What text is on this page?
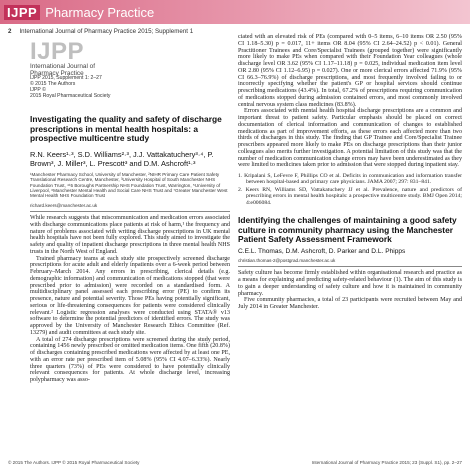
IJPP Pharmacy Practice
2 International Journal of Pharmacy Practice 2015; Supplement 1
IJPP
International Journal of
Pharmacy Practice
IJPP 2015, Supplement 1: 2–27
© 2015 The Authors
IJPP ©
2015 Royal Pharmaceutical Society
Investigating the quality and safety of discharge prescriptions in mental health hospitals: a prospective multicentre study
R.N. Keers¹·³, S.D. Williams²·³, J.J. Vattakatuchery³·⁴, P. Brown³, J. Miller³, L. Prescott³ and D.M. Ashcroft¹·³
¹Manchester Pharmacy School, University of Manchester, ²NIHR Primary Care Patient Safety Translational Research Centre, Manchester, ³University Hospital of South Manchester NHS Foundation Trust, ⁴¹5 Boroughs Partnership NHS Foundation Trust, Warrington, ⁵University of Liverpool, ⁶Manchester Mental Health and Social Care NHS Trust and ⁷Greater Manchester West Mental Health NHS Foundation Trust
richard.keers@manchester.ac.uk

While research suggests that miscommunication and medication errors associated with discharge communications place patients at risk of harm,¹ the frequency and nature of problems associated with writing discharge prescriptions in UK mental health hospitals have not been fully explored. This study aimed to investigate the safety and quality of inpatient discharge prescriptions in three mental health NHS trusts in the North West of England.

Trained pharmacy teams at each study site prospectively screened discharge prescriptions for acute adult and elderly inpatients over a 6-week period between February–March 2014. Any errors in prescribing, clerical details (e.g. demographic information) and communication of medications stopped (that were prescribed prior to admission) were recorded on a standardised form. A multidisciplinary panel assessed each prescribing error (PE) to confirm its presence, nature and potential severity. Those PEs having potentially significant, serious or life-threatening consequences for patients were considered clinically relevant.² Logistic regression analyses were conducted using STATA® v13 software to determine the potential predictors of identified errors. The study was approved by the University of Manchester Research Ethics Committee (Ref. 13279) and audit committees at each study site.

A total of 274 discharge prescriptions were screened during the study period, containing 1456 newly prescribed or omitted medication items. One fifth (20.8%) of discharges containing prescribed medications were affected by at least one PE, with an error rate per prescribed item of 5.08% (95% CI 4.07–6.33%). Nearly three quarters (73%) of PEs were considered to have potentially clinically relevant consequences for patients. At whole discharge level, increasing polypharmacy was asso-

ciated with an elevated risk of PEs (compared with 0–5 items, 6–10 items OR 2.50 (95% CI 1.18–5.30) p = 0.017, 11+ items OR 8.04 (95% CI 2.64–24.52) p < 0.01). General Practitioner Trainees and Core/Specialist Trainees (grouped together) were significantly more likely to make PEs when compared with their Foundation Year colleagues (whole discharge level OR 3.62 (95% CI 1.17–11.18) p = 0.025, individual medication item level OR 2.80 (95% CI 1.12–6.95) p = 0.027). One or more clerical errors affected 71.9% (95% CI 66.3–76.9%) of discharge prescriptions, and most frequently involved failing to or incorrectly specifying whether the patient's GP or hospital services should continue prescribing medications (43.4%). In total, 67.2% of prescriptions requiring communication of medications stopped during admission contained errors, and most commonly involved central nervous system class medicines (83.8%).

Errors associated with mental health hospital discharge prescriptions are a common and important threat to patient safety. Particular emphasis should be placed on correct documentation of clerical information and communication of changes to established medications as part of improvement efforts, as these errors each affected more than two thirds of discharges in this study. The finding that GP Trainee and Core/Specialist Trainee prescribers appeared more likely to make PEs on discharge prescriptions than their junior colleagues also merits further investigation. A potential limitation of this study was that the number of medication communication change errors may have been underestimated as they were limited to medicines taken prior to admission that were stopped during inpatient stay.

1. Kripalani S, LeFevre F, Phillips CO et al. Deficits in communication and information transfer between hospital-based and primary care physicians. JAMA 2007; 297: 831–841.
2. Keers RN, Williams SD, Vattakatuchery JJ et al. Prevalence, nature and predictors of prescribing errors in mental health hospitals: a prospective multicentre study. BMJ Open 2014; 4:e006084.
Identifying the challenges of maintaining a good safety culture in community pharmacy using the Manchester Patient Safety Assessment Framework
C.E.L. Thomas, D.M. Ashcroft, D. Parker and D.L. Phipps
christian.thomas-2@postgrad.manchester.ac.uk

Safety culture has become firmly established within organisational research and practice as a means for explaining and predicting safety-related behaviour (1). The aim of this study is to gain a deeper understanding of safety culture and how it is maintained in community pharmacy.

Five community pharmacies, a total of 23 participants were recruited between May and July 2014 in Greater Manchester.

© 2015 The Authors. IJPP © 2015 Royal Pharmaceutical Society	International Journal of Pharmacy Practice 2015; 23 (Suppl. S1), pp. 2–27
